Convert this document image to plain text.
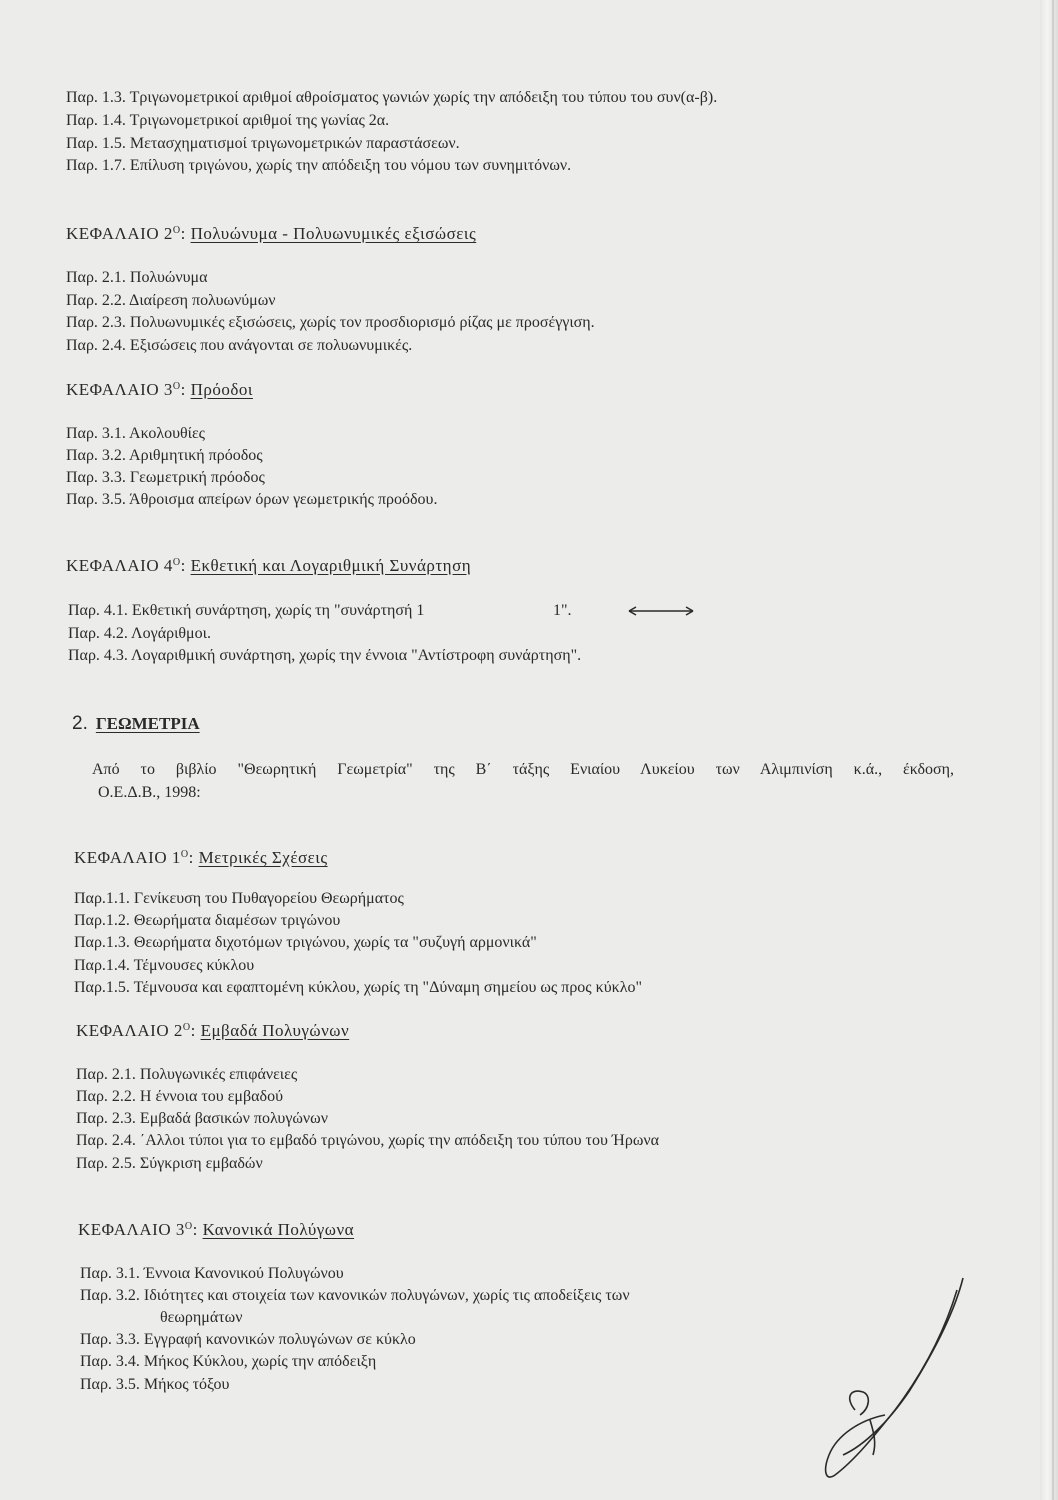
Παρ. 1.3. Τριγωνομετρικοί αριθμοί αθροίσματος γωνιών χωρίς την απόδειξη του τύπου του συν(α-β).
Παρ. 1.4. Τριγωνομετρικοί αριθμοί της γωνίας 2α.
Παρ. 1.5. Μετασχηματισμοί τριγωνομετρικών παραστάσεων.
Παρ. 1.7. Επίλυση τριγώνου, χωρίς την απόδειξη του νόμου των συνημιτόνων.
ΚΕΦΑΛΑΙΟ $2^O$: Πολυώνυμα - Πολυωνυμικές εξισώσεις
Παρ. 2.1. Πολυώνυμα
Παρ. 2.2. Διαίρεση πολυωνύμων
Παρ. 2.3. Πολυωνυμικές εξισώσεις, χωρίς τον προσδιορισμό ρίζας με προσέγγιση.
Παρ. 2.4. Εξισώσεις που ανάγονται σε πολυωνυμικές.
ΚΕΦΑΛΑΙΟ $3^O$: Πρόοδοι
Παρ. 3.1. Ακολουθίες
Παρ. 3.2. Αριθμητική πρόοδος
Παρ. 3.3. Γεωμετρική πρόοδος
Παρ. 3.5. Άθροισμα απείρων όρων γεωμετρικής προόδου.
ΚΕΦΑΛΑΙΟ $4^O$: Εκθετική και Λογαριθμική Συνάρτηση
Παρ. 4.1. Εκθετική συνάρτηση, χωρίς τη "συνάρτησή 1	1".
Παρ. 4.2. Λογάριθμοι.
Παρ. 4.3. Λογαριθμική συνάρτηση, χωρίς την έννοια "Αντίστροφη συνάρτηση".
2. ΓΕΩΜΕΤΡΙΑ
Από το βιβλίο "Θεωρητική Γεωμετρία" της Β΄ τάξης Ενιαίου Λυκείου των Αλιμπινίση κ.ά., έκδοση,
Ο.Ε.Δ.Β., 1998:
ΚΕΦΑΛΑΙΟ $1^O$: Μετρικές Σχέσεις
Παρ.1.1. Γενίκευση του Πυθαγορείου Θεωρήματος
Παρ.1.2. Θεωρήματα διαμέσων τριγώνου
Παρ.1.3. Θεωρήματα διχοτόμων τριγώνου, χωρίς τα "συζυγή αρμονικά"
Παρ.1.4. Τέμνουσες κύκλου
Παρ.1.5. Τέμνουσα και εφαπτομένη κύκλου, χωρίς τη "Δύναμη σημείου ως προς κύκλο"
ΚΕΦΑΛΑΙΟ $2^O$: Εμβαδά Πολυγώνων
Παρ. 2.1. Πολυγωνικές επιφάνειες
Παρ. 2.2. Η έννοια του εμβαδού
Παρ. 2.3. Εμβαδά βασικών πολυγώνων
Παρ. 2.4. ΄Αλλοι τύποι για το εμβαδό τριγώνου, χωρίς την απόδειξη του τύπου του Ήρωνα
Παρ. 2.5. Σύγκριση εμβαδών
ΚΕΦΑΛΑΙΟ $3^O$: Κανονικά Πολύγωνα
Παρ. 3.1. Έννοια Κανονικού Πολυγώνου
Παρ. 3.2. Ιδιότητες και στοιχεία των κανονικών πολυγώνων, χωρίς τις αποδείξεις των
θεωρημάτων
Παρ. 3.3. Εγγραφή κανονικών πολυγώνων σε κύκλο
Παρ. 3.4. Μήκος Κύκλου, χωρίς την απόδειξη
Παρ. 3.5. Μήκος τόξου
